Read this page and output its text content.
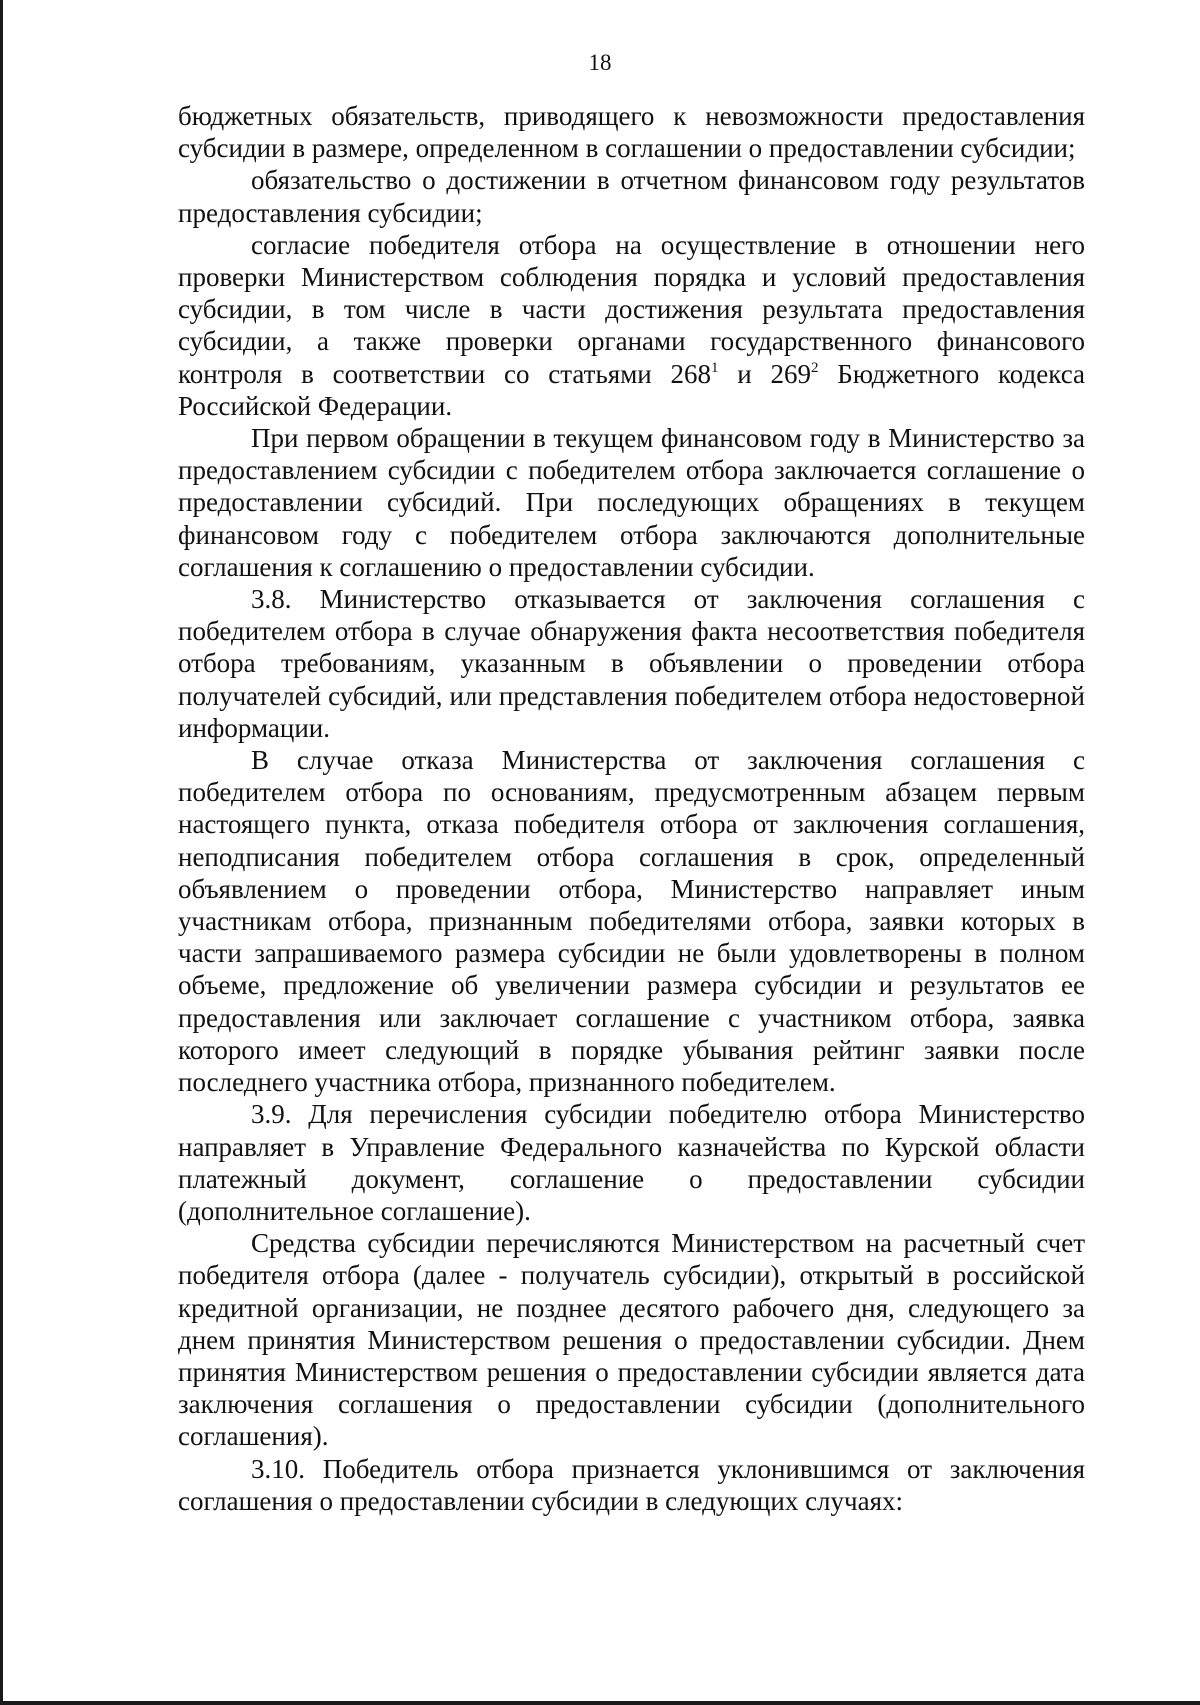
18

бюджетных обязательств, приводящего к невозможности предоставления субсидии в размере, определенном в соглашении о предоставлении субсидии;

обязательство о достижении в отчетном финансовом году результатов предоставления субсидии;

согласие победителя отбора на осуществление в отношении него проверки Министерством соблюдения порядка и условий предоставления субсидии, в том числе в части достижения результата предоставления субсидии, а также проверки органами государственного финансового контроля в соответствии со статьями $268^1$ и $269^2$ Бюджетного кодекса Российской Федерации.

При первом обращении в текущем финансовом году в Министерство за предоставлением субсидии с победителем отбора заключается соглашение о предоставлении субсидий. При последующих обращениях в текущем финансовом году с победителем отбора заключаются дополнительные соглашения к соглашению о предоставлении субсидии.

3.8. Министерство отказывается от заключения соглашения с победителем отбора в случае обнаружения факта несоответствия победителя отбора требованиям, указанным в объявлении о проведении отбора получателей субсидий, или представления победителем отбора недостоверной информации.

В случае отказа Министерства от заключения соглашения с победителем отбора по основаниям, предусмотренным абзацем первым настоящего пункта, отказа победителя отбора от заключения соглашения, неподписания победителем отбора соглашения в срок, определенный объявлением о проведении отбора, Министерство направляет иным участникам отбора, признанным победителями отбора, заявки которых в части запрашиваемого размера субсидии не были удовлетворены в полном объеме, предложение об увеличении размера субсидии и результатов ее предоставления или заключает соглашение с участником отбора, заявка которого имеет следующий в порядке убывания рейтинг заявки после последнего участника отбора, признанного победителем.

3.9. Для перечисления субсидии победителю отбора Министерство направляет в Управление Федерального казначейства по Курской области платежный документ, соглашение о предоставлении субсидии (дополнительное соглашение).

Средства субсидии перечисляются Министерством на расчетный счет победителя отбора (далее - получатель субсидии), открытый в российской кредитной организации, не позднее десятого рабочего дня, следующего за днем принятия Министерством решения о предоставлении субсидии. Днем принятия Министерством решения о предоставлении субсидии является дата заключения соглашения о предоставлении субсидии (дополнительного соглашения).

3.10. Победитель отбора признается уклонившимся от заключения соглашения о предоставлении субсидии в следующих случаях:
